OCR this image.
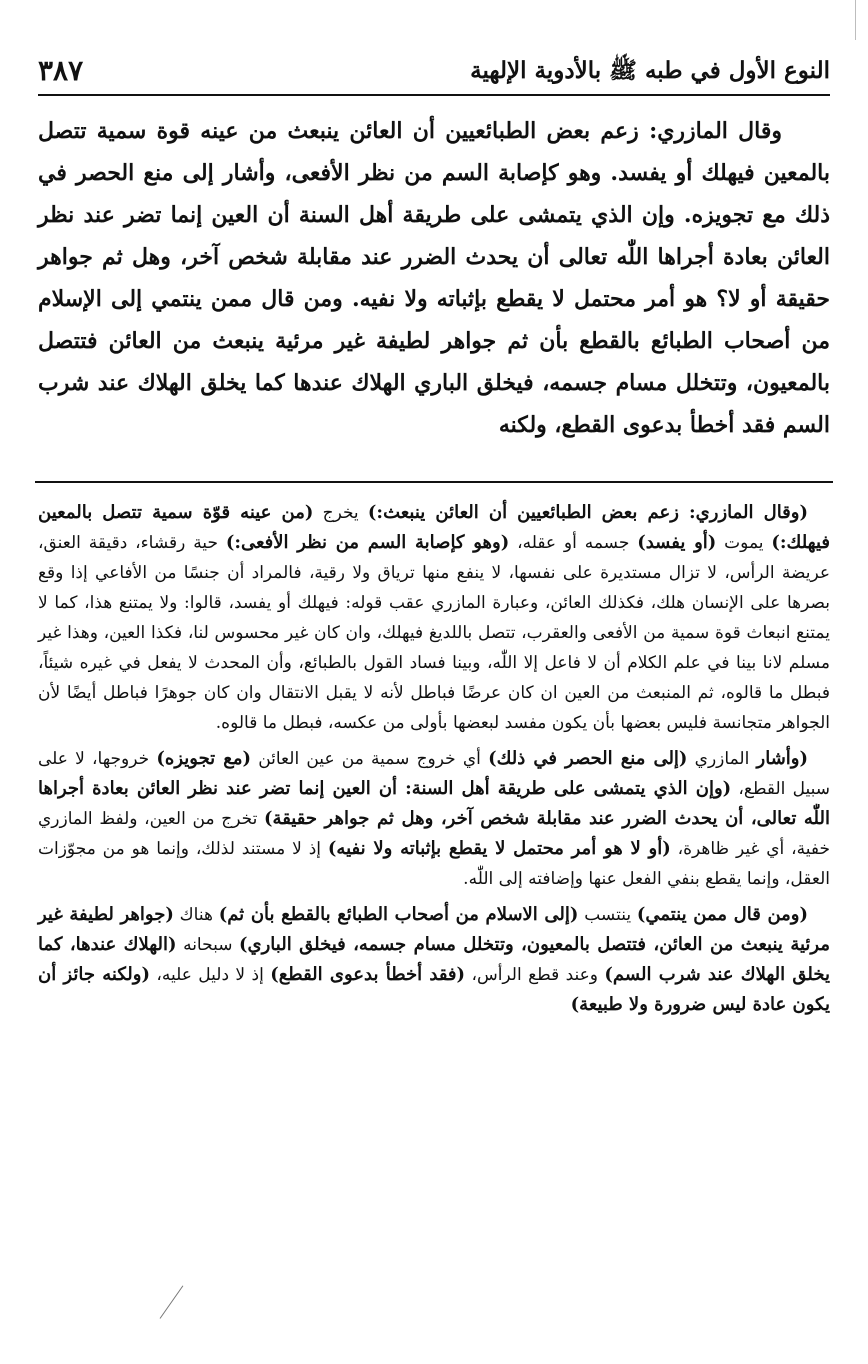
النوع الأول في طبه ﷺ بالأدوية الإلهية
٣٨٧

وقال المازري: زعم بعض الطبائعيين أن العائن ينبعث من عينه قوة سمية تتصل بالمعين فيهلك أو يفسد. وهو كإصابة السم من نظر الأفعى، وأشار إلى منع الحصر في ذلك مع تجويزه. وإن الذي يتمشى على طريقة أهل السنة أن العين إنما تضر عند نظر العائن بعادة أجراها اللّٰه تعالى أن يحدث الضرر عند مقابلة شخص آخر، وهل ثم جواهر حقيقة أو لا؟ هو أمر محتمل لا يقطع بإثباته ولا نفيه. ومن قال ممن ينتمي إلى الإسلام من أصحاب الطبائع بالقطع بأن ثم جواهر لطيفة غير مرئية ينبعث من العائن فتتصل بالمعيون، وتتخلل مسام جسمه، فيخلق الباري الهلاك عندها كما يخلق الهلاك عند شرب السم فقد أخطأ بدعوى القطع، ولكنه

(وقال المازري: زعم بعض الطبائعيين أن العائن ينبعث:) يخرج (من عينه قوّة سمية تتصل بالمعين فيهلك:) يموت (أو يفسد) جسمه أو عقله، (وهو كإصابة السم من نظر الأفعى:) حية رقشاء، دقيقة العنق، عريضة الرأس، لا تزال مستديرة على نفسها، لا ينفع منها ترياق ولا رقية، فالمراد أن جنسًا من الأفاعي إذا وقع بصرها على الإنسان هلك، فكذلك العائن، وعبارة المازري عقب قوله: فيهلك أو يفسد، قالوا: ولا يمتنع هذا، كما لا يمتنع انبعاث قوة سمية من الأفعى والعقرب، تتصل باللديغ فيهلك، وان كان غير محسوس لنا، فكذا العين، وهذا غير مسلم لانا بينا في علم الكلام أن لا فاعل إلا اللّٰه، وبينا فساد القول بالطبائع، وأن المحدث لا يفعل في غيره شيئاً، فبطل ما قالوه، ثم المنبعث من العين ان كان عرضًا فباطل لأنه لا يقبل الانتقال وان كان جوهرًا فباطل أيضًا لأن الجواهر متجانسة فليس بعضها بأن يكون مفسد لبعضها بأولى من عكسه، فبطل ما قالوه.

(وأشار المازري (إلى منع الحصر في ذلك) أي خروج سمية من عين العائن (مع تجويزه) خروجها، لا على سبيل القطع، (وإن الذي يتمشى على طريقة أهل السنة: أن العين إنما تضر عند نظر العائن بعادة أجراها اللّٰه تعالى، أن يحدث الضرر عند مقابلة شخص آخر، وهل ثم جواهر حقيقة) تخرج من العين، ولفظ المازري خفية، أي غير ظاهرة، (أو لا هو أمر محتمل لا يقطع بإثباته ولا نفيه) إذ لا مستند لذلك، وإنما هو من مجوّزات العقل، وإنما يقطع بنفي الفعل عنها وإضافته إلى اللّٰه.

(ومن قال ممن ينتمي) ينتسب (إلى الاسلام من أصحاب الطبائع بالقطع بأن ثم) هناك (جواهر لطيفة غير مرئية ينبعث من العائن، فتتصل بالمعيون، وتتخلل مسام جسمه، فيخلق الباري) سبحانه (الهلاك عندها، كما يخلق الهلاك عند شرب السم) وعند قطع الرأس، (فقد أخطأ بدعوى القطع) إذ لا دليل عليه، (ولكنه جائز أن يكون عادة ليس ضرورة ولا طبيعة)
